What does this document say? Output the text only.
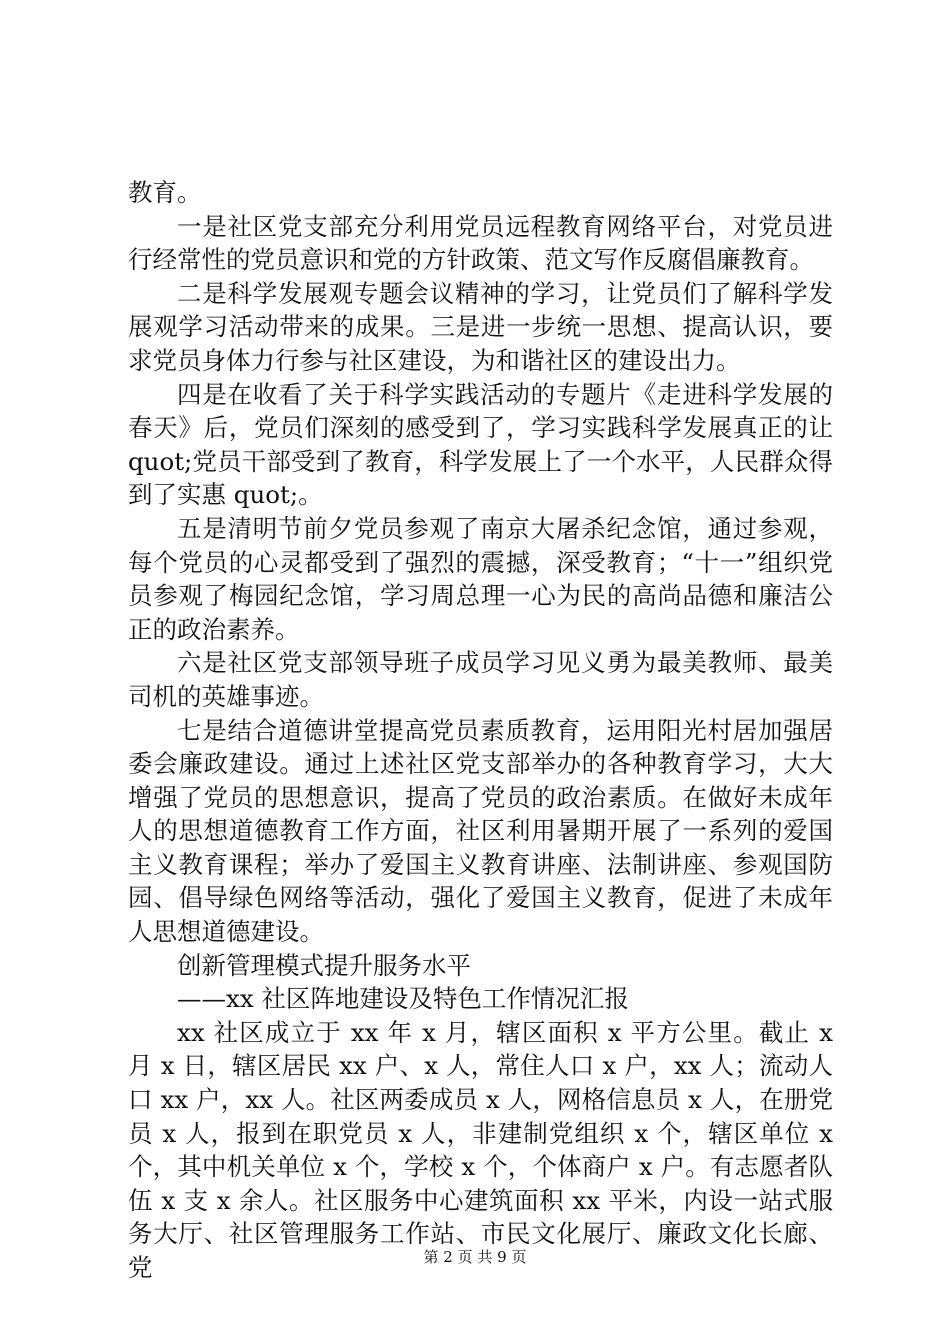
教育。

一是社区党支部充分利用党员远程教育网络平台，对党员进行经常性的党员意识和党的方针政策、范文写作反腐倡廉教育。

二是科学发展观专题会议精神的学习，让党员们了解科学发展观学习活动带来的成果。三是进一步统一思想、提高认识，要求党员身体力行参与社区建设，为和谐社区的建设出力。

四是在收看了关于科学实践活动的专题片《走进科学发展的春天》后，党员们深刻的感受到了，学习实践科学发展真正的让 quot;党员干部受到了教育，科学发展上了一个水平，人民群众得到了实惠 quot;。

五是清明节前夕党员参观了南京大屠杀纪念馆，通过参观，每个党员的心灵都受到了强烈的震撼，深受教育；“十一”组织党员参观了梅园纪念馆，学习周总理一心为民的高尚品德和廉洁公正的政治素养。

六是社区党支部领导班子成员学习见义勇为最美教师、最美司机的英雄事迹。

七是结合道德讲堂提高党员素质教育，运用阳光村居加强居委会廉政建设。通过上述社区党支部举办的各种教育学习，大大增强了党员的思想意识，提高了党员的政治素质。在做好未成年人的思想道德教育工作方面，社区利用暑期开展了一系列的爱国主义教育课程；举办了爱国主义教育讲座、法制讲座、参观国防园、倡导绿色网络等活动，强化了爱国主义教育，促进了未成年人思想道德建设。

创新管理模式提升服务水平

——xx 社区阵地建设及特色工作情况汇报

xx 社区成立于 xx 年 x 月，辖区面积 x 平方公里。截止 x 月 x 日，辖区居民 xx 户、x 人，常住人口 x 户，xx 人；流动人口 xx 户，xx 人。社区两委成员 x 人，网格信息员 x 人，在册党员 x 人，报到在职党员 x 人，非建制党组织 x 个，辖区单位 x 个，其中机关单位 x 个，学校 x 个，个体商户 x 户。有志愿者队伍 x 支 x 余人。社区服务中心建筑面积 xx 平米，内设一站式服务大厅、社区管理服务工作站、市民文化展厅、廉政文化长廊、党	第 2 页 共 9 页
